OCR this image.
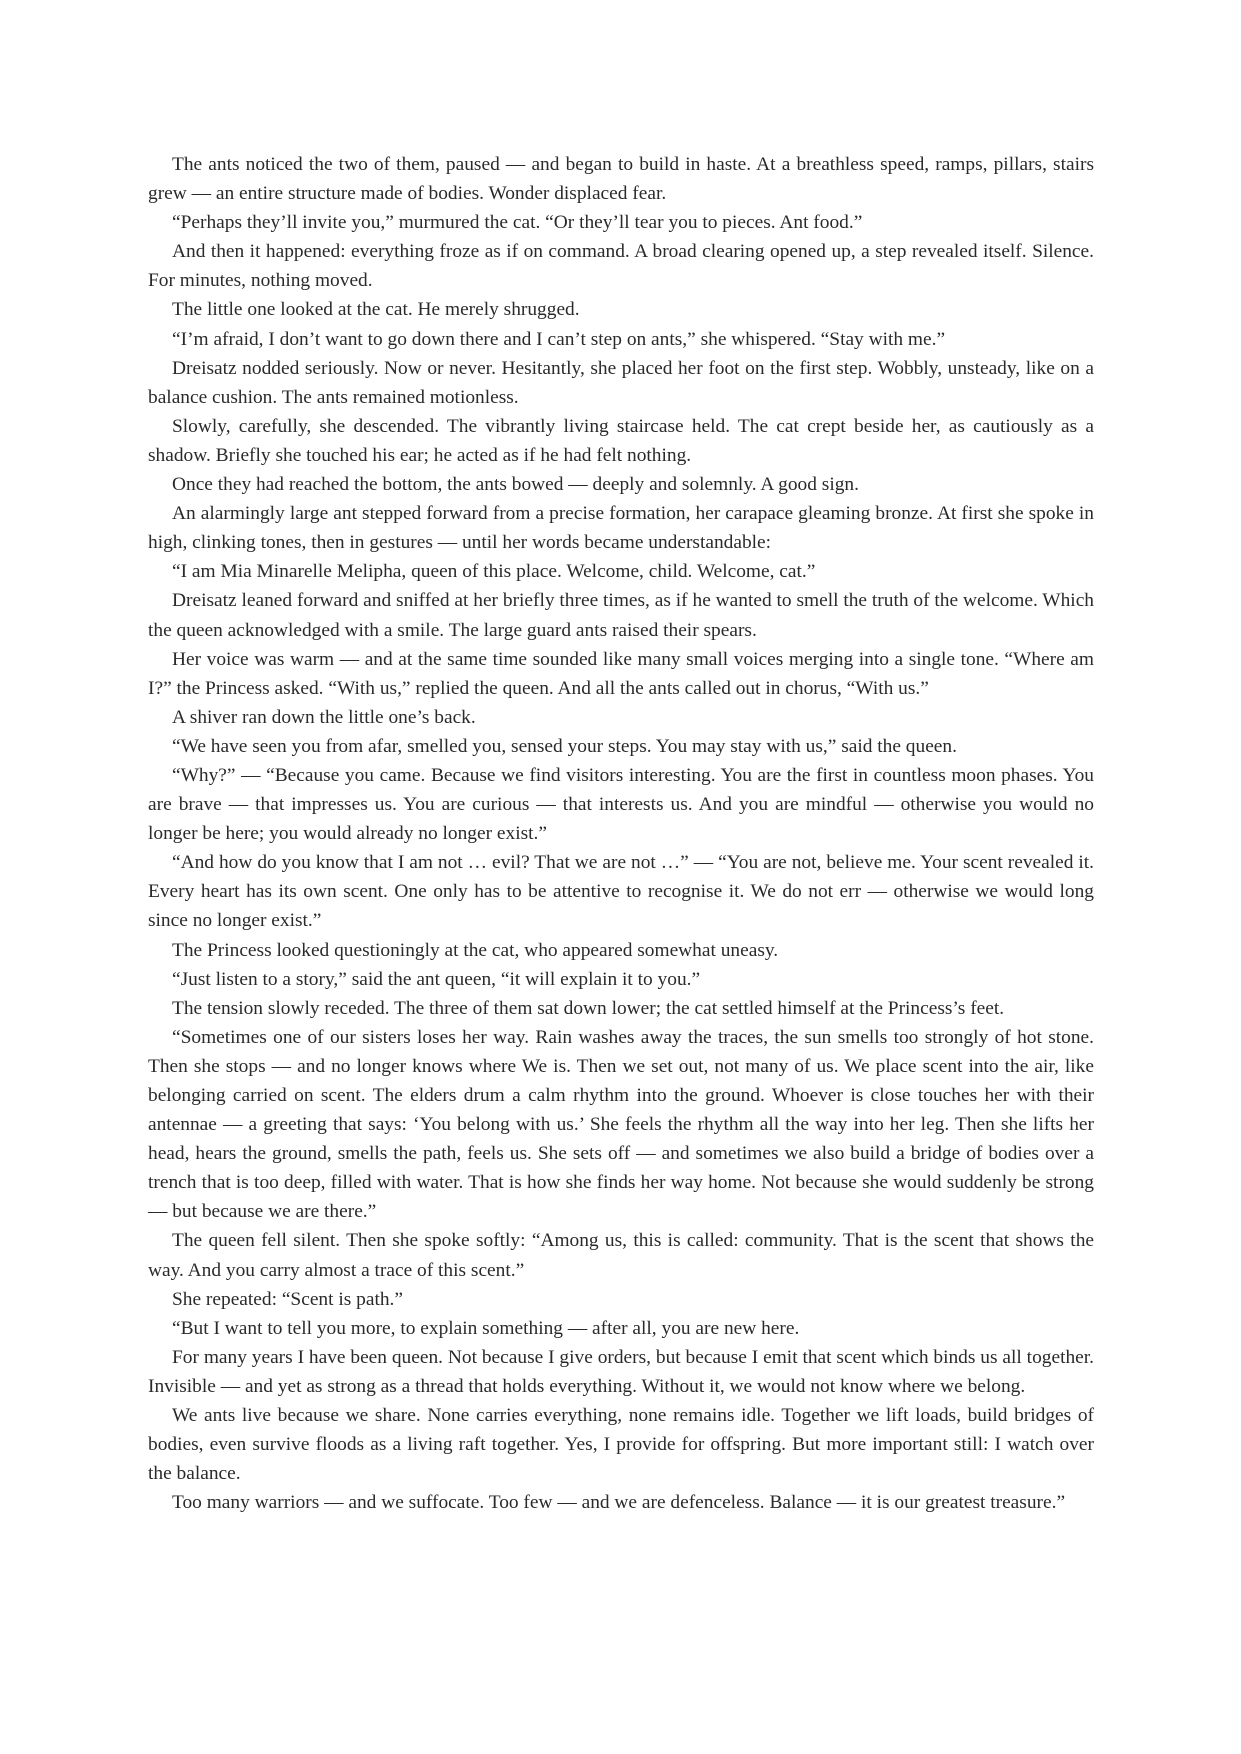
The ants noticed the two of them, paused — and began to build in haste. At a breathless speed, ramps, pillars, stairs grew — an entire structure made of bodies. Wonder displaced fear.

“Perhaps they’ll invite you,” murmured the cat. “Or they’ll tear you to pieces. Ant food.”

And then it happened: everything froze as if on command. A broad clearing opened up, a step revealed itself. Silence. For minutes, nothing moved.

The little one looked at the cat. He merely shrugged.

“I’m afraid, I don’t want to go down there and I can’t step on ants,” she whispered. “Stay with me.”

Dreisatz nodded seriously. Now or never. Hesitantly, she placed her foot on the first step. Wobbly, unsteady, like on a balance cushion. The ants remained motionless.

Slowly, carefully, she descended. The vibrantly living staircase held. The cat crept beside her, as cautiously as a shadow. Briefly she touched his ear; he acted as if he had felt nothing.

Once they had reached the bottom, the ants bowed — deeply and solemnly. A good sign.

An alarmingly large ant stepped forward from a precise formation, her carapace gleaming bronze. At first she spoke in high, clinking tones, then in gestures — until her words became understandable:

“I am Mia Minarelle Melipha, queen of this place. Welcome, child. Welcome, cat.”

Dreisatz leaned forward and sniffed at her briefly three times, as if he wanted to smell the truth of the welcome. Which the queen acknowledged with a smile. The large guard ants raised their spears.

Her voice was warm — and at the same time sounded like many small voices merging into a single tone. “Where am I?” the Princess asked. “With us,” replied the queen. And all the ants called out in chorus, “With us.”

A shiver ran down the little one’s back.

“We have seen you from afar, smelled you, sensed your steps. You may stay with us,” said the queen.

“Why?” — “Because you came. Because we find visitors interesting. You are the first in countless moon phases. You are brave — that impresses us. You are curious — that interests us. And you are mindful — otherwise you would no longer be here; you would already no longer exist.”

“And how do you know that I am not … evil? That we are not …” — “You are not, believe me. Your scent revealed it. Every heart has its own scent. One only has to be attentive to recognise it. We do not err — otherwise we would long since no longer exist.”

The Princess looked questioningly at the cat, who appeared somewhat uneasy.

“Just listen to a story,” said the ant queen, “it will explain it to you.”

The tension slowly receded. The three of them sat down lower; the cat settled himself at the Princess’s feet.

“Sometimes one of our sisters loses her way. Rain washes away the traces, the sun smells too strongly of hot stone. Then she stops — and no longer knows where We is. Then we set out, not many of us. We place scent into the air, like belonging carried on scent. The elders drum a calm rhythm into the ground. Whoever is close touches her with their antennae — a greeting that says: ‘You belong with us.’ She feels the rhythm all the way into her leg. Then she lifts her head, hears the ground, smells the path, feels us. She sets off — and sometimes we also build a bridge of bodies over a trench that is too deep, filled with water. That is how she finds her way home. Not because she would suddenly be strong — but because we are there.”

The queen fell silent. Then she spoke softly: “Among us, this is called: community. That is the scent that shows the way. And you carry almost a trace of this scent.”

She repeated: “Scent is path.”

“But I want to tell you more, to explain something — after all, you are new here.

For many years I have been queen. Not because I give orders, but because I emit that scent which binds us all together. Invisible — and yet as strong as a thread that holds everything. Without it, we would not know where we belong.

We ants live because we share. None carries everything, none remains idle. Together we lift loads, build bridges of bodies, even survive floods as a living raft together. Yes, I provide for offspring. But more important still: I watch over the balance.

Too many warriors — and we suffocate. Too few — and we are defenceless. Balance — it is our greatest treasure.”
